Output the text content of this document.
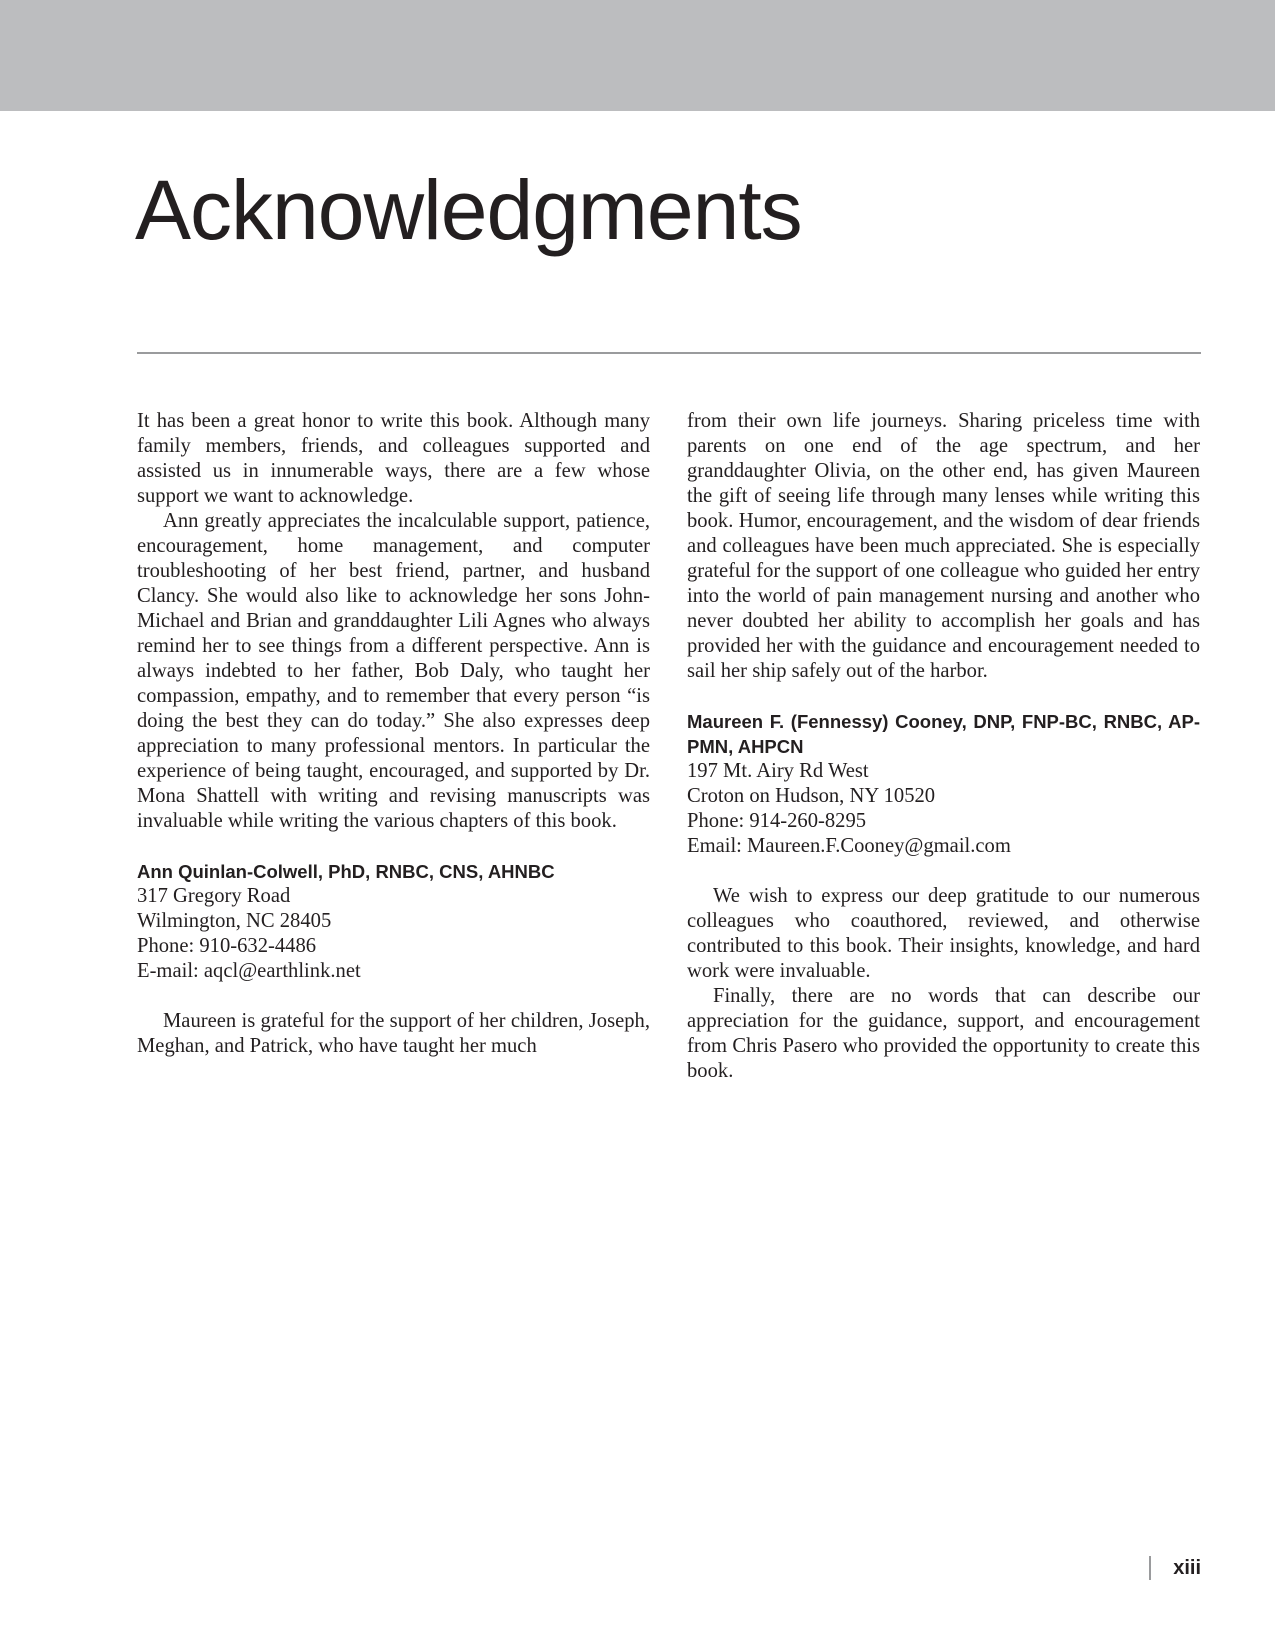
Acknowledgments

It has been a great honor to write this book. Although many family members, friends, and colleagues supported and assisted us in innumerable ways, there are a few whose support we want to acknowledge.

Ann greatly appreciates the incalculable support, patience, encouragement, home management, and computer troubleshooting of her best friend, partner, and husband Clancy. She would also like to acknowledge her sons John-Michael and Brian and granddaughter Lili Agnes who always remind her to see things from a different perspective. Ann is always indebted to her father, Bob Daly, who taught her compassion, empathy, and to remember that every person “is doing the best they can do today.” She also expresses deep appreciation to many professional mentors. In particular the experience of being taught, encouraged, and supported by Dr. Mona Shattell with writing and revising manuscripts was invaluable while writing the various chapters of this book.

Ann Quinlan-Colwell, PhD, RNBC, CNS, AHNBC

317 Gregory Road
Wilmington, NC 28405
Phone: 910-632-4486
E-mail: aqcl@earthlink.net

Maureen is grateful for the support of her children, Joseph, Meghan, and Patrick, who have taught her much

from their own life journeys. Sharing priceless time with parents on one end of the age spectrum, and her granddaughter Olivia, on the other end, has given Maureen the gift of seeing life through many lenses while writing this book. Humor, encouragement, and the wisdom of dear friends and colleagues have been much appreciated. She is especially grateful for the support of one colleague who guided her entry into the world of pain management nursing and another who never doubted her ability to accomplish her goals and has provided her with the guidance and encouragement needed to sail her ship safely out of the harbor.

Maureen F. (Fennessy) Cooney, DNP, FNP-BC, RNBC, AP-PMN, AHPCN

197 Mt. Airy Rd West
Croton on Hudson, NY 10520
Phone: 914-260-8295
Email: Maureen.F.Cooney@gmail.com

We wish to express our deep gratitude to our numerous colleagues who coauthored, reviewed, and otherwise contributed to this book. Their insights, knowledge, and hard work were invaluable.

Finally, there are no words that can describe our appreciation for the guidance, support, and encouragement from Chris Pasero who provided the opportunity to create this book.

xiii
